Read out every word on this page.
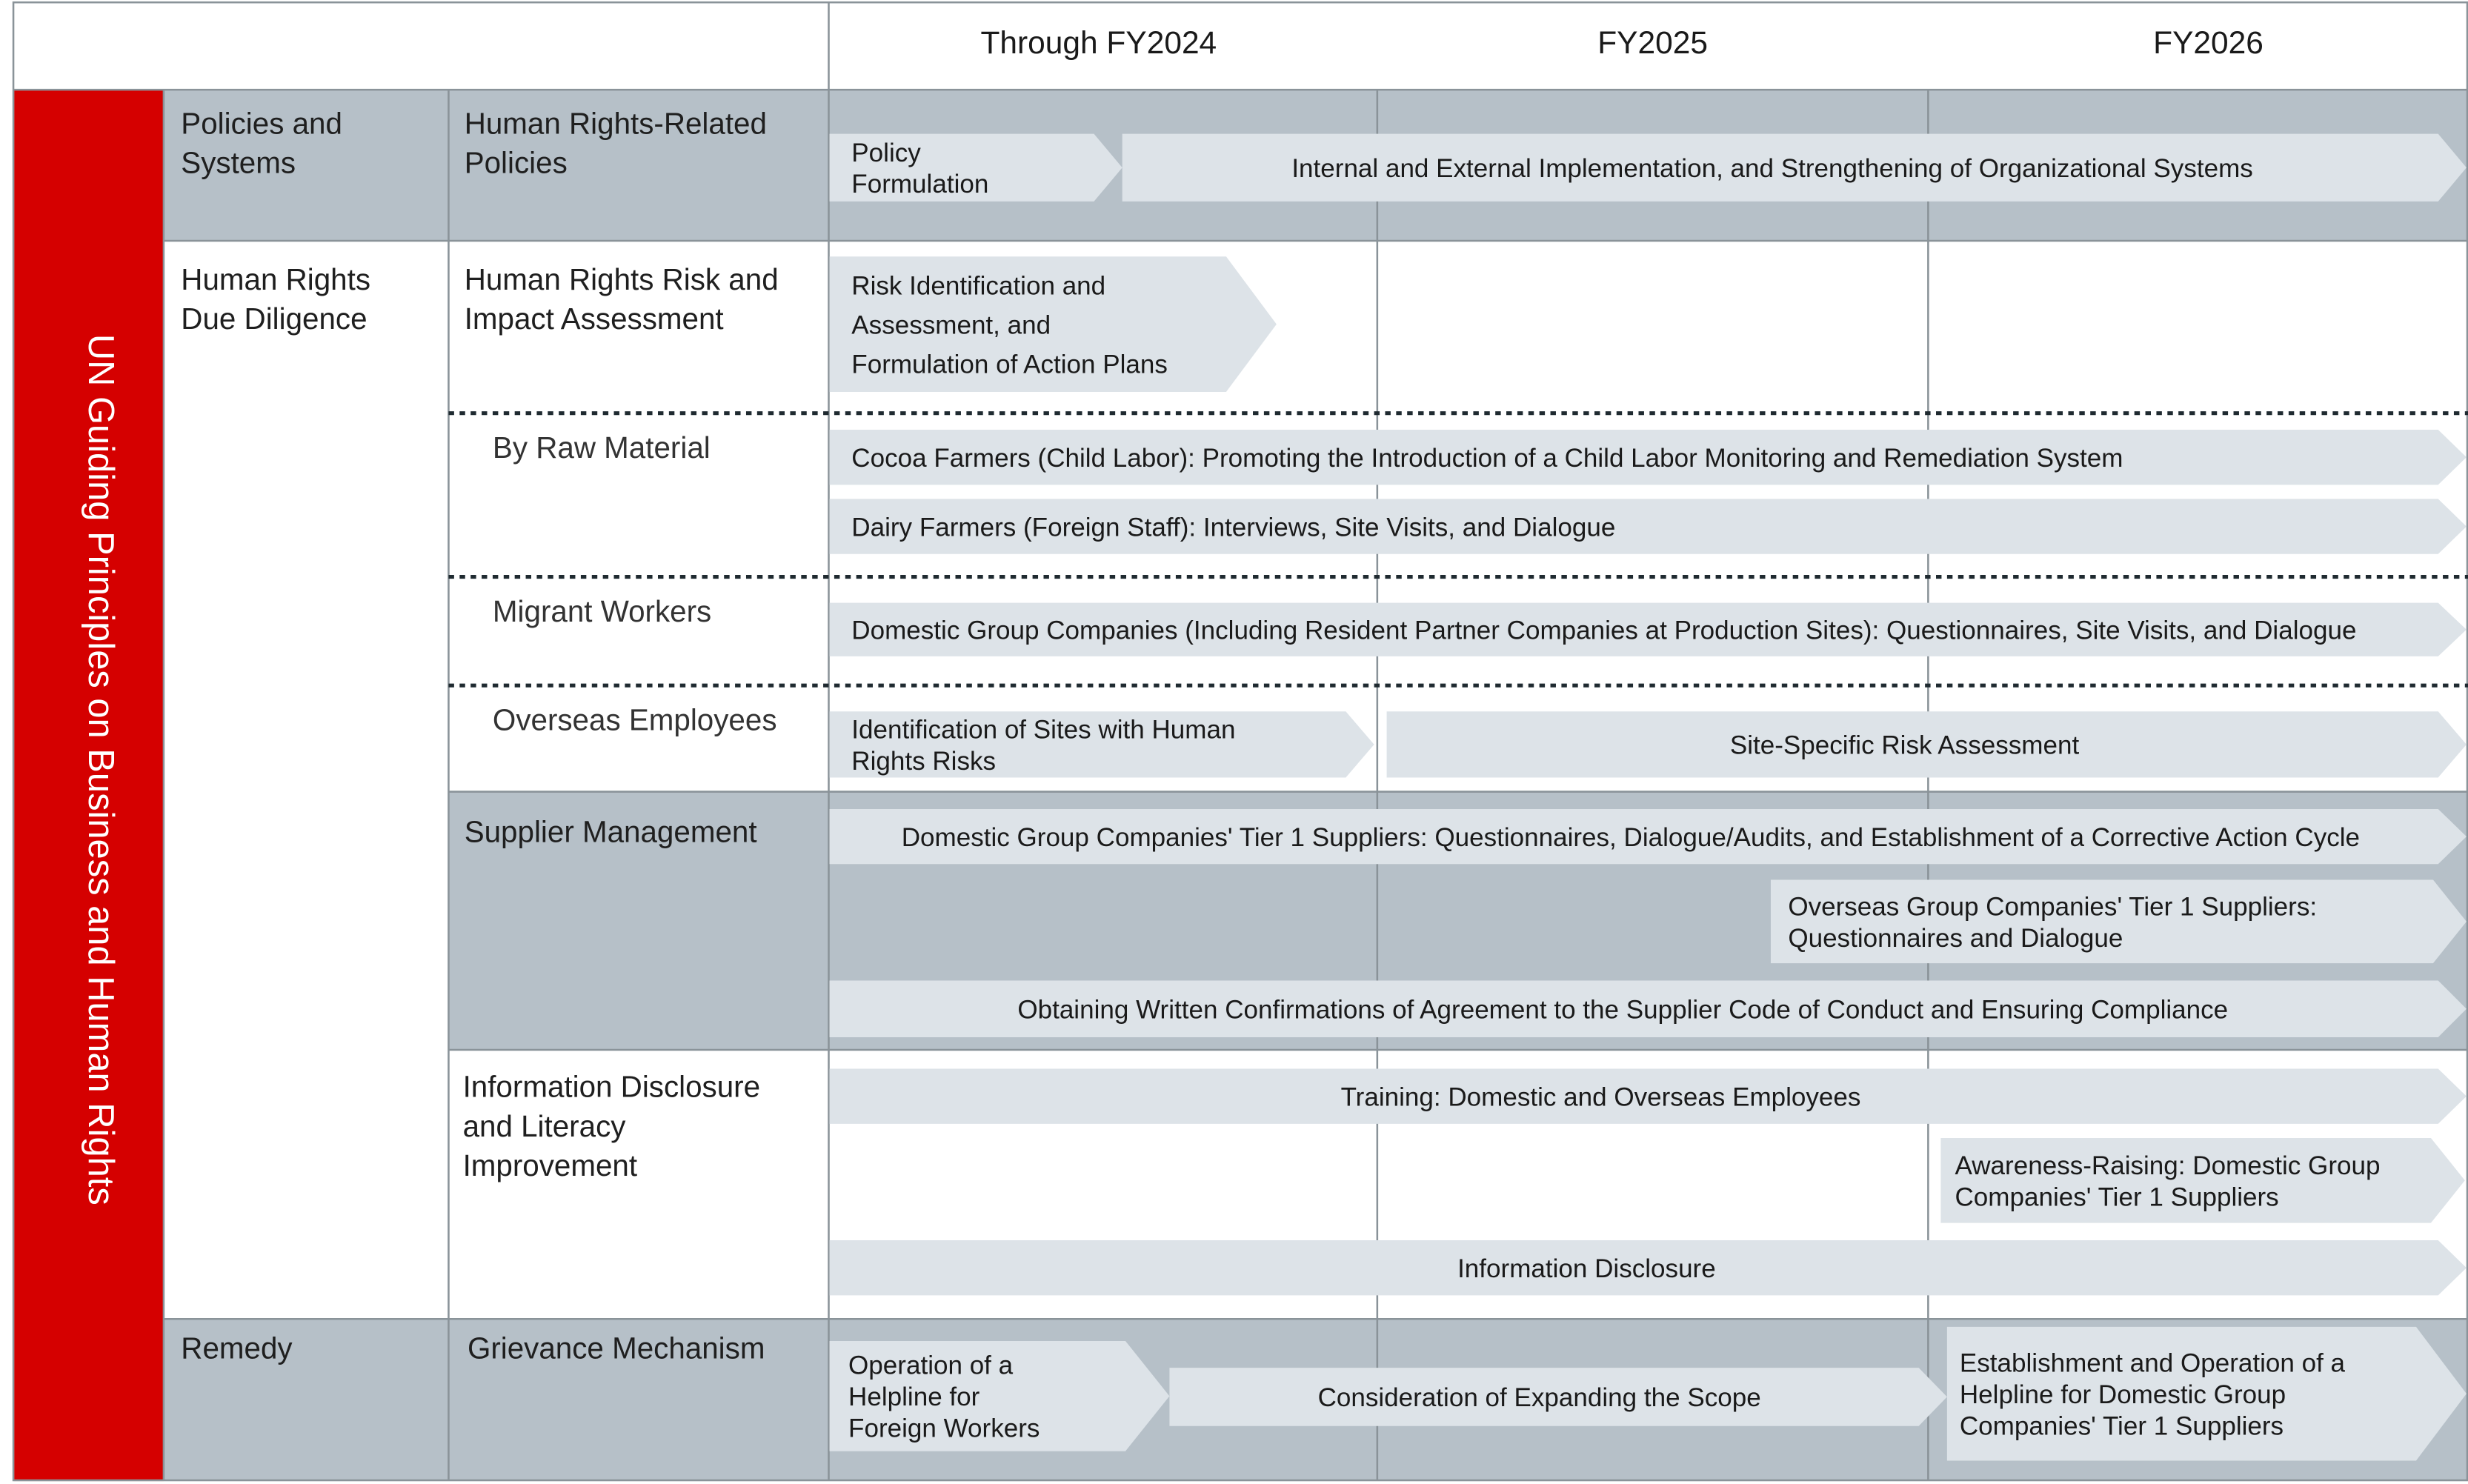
Through FY2024	FY2025	FY2026
UN Guiding Principles on Business and Human Rights
Policies and Systems
Human Rights Due Diligence
Remedy
Human Rights-Related Policies
Human Rights Risk and Impact Assessment
By Raw Material
Migrant Workers
Overseas Employees
Supplier Management
Information Disclosure and Literacy Improvement
Grievance Mechanism
Policy Formulation
Internal and External Implementation, and Strengthening of Organizational Systems
Risk Identification and Assessment, and Formulation of Action Plans
Cocoa Farmers (Child Labor): Promoting the Introduction of a Child Labor Monitoring and Remediation System
Dairy Farmers (Foreign Staff): Interviews, Site Visits, and Dialogue
Domestic Group Companies (Including Resident Partner Companies at Production Sites): Questionnaires, Site Visits, and Dialogue
Identification of Sites with Human Rights Risks
Site-Specific Risk Assessment
Domestic Group Companies' Tier 1 Suppliers: Questionnaires, Dialogue/Audits, and Establishment of a Corrective Action Cycle
Overseas Group Companies' Tier 1 Suppliers: Questionnaires and Dialogue
Obtaining Written Confirmations of Agreement to the Supplier Code of Conduct and Ensuring Compliance
Training: Domestic and Overseas Employees
Awareness-Raising: Domestic Group Companies' Tier 1 Suppliers
Information Disclosure
Operation of a Helpline for Foreign Workers
Consideration of Expanding the Scope
Establishment and Operation of a Helpline for Domestic Group Companies' Tier 1 Suppliers
